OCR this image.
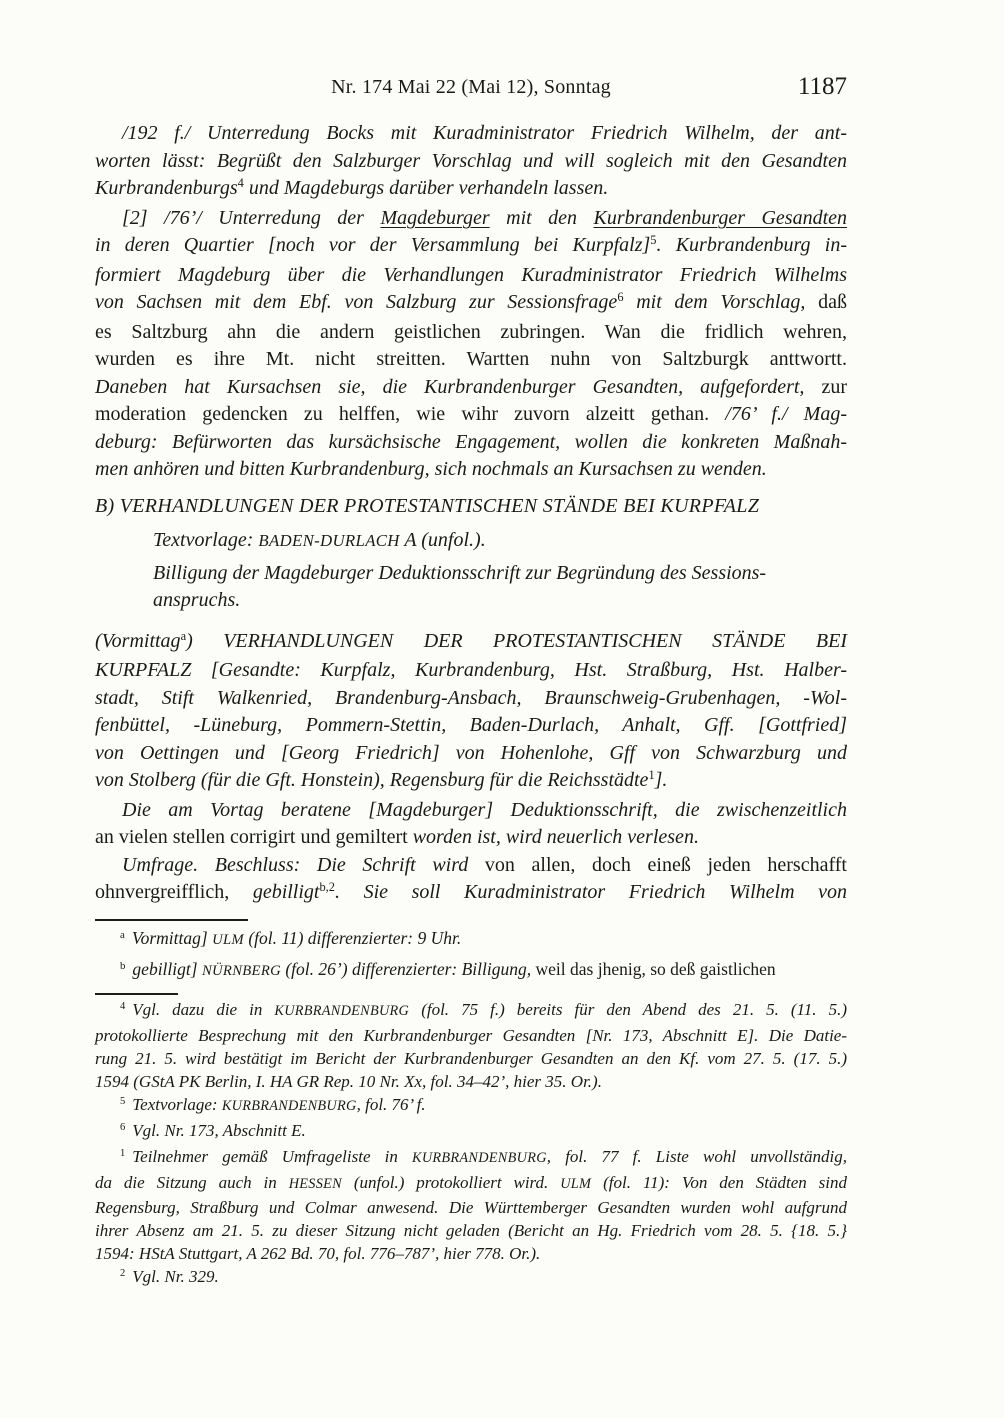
Nr. 174 Mai 22 (Mai 12), Sonntag	1187
/192 f./ Unterredung Bocks mit Kuradministrator Friedrich Wilhelm, der ant-
worten lässt: Begrüßt den Salzburger Vorschlag und will sogleich mit den Gesandten
Kurbrandenburgs$^4$ und Magdeburgs darüber verhandeln lassen.
[2] /76’/ Unterredung der Magdeburger mit den Kurbrandenburger Gesandten
in deren Quartier [noch vor der Versammlung bei Kurpfalz]$^5$. Kurbrandenburg in-
formiert Magdeburg über die Verhandlungen Kuradministrator Friedrich Wilhelms
von Sachsen mit dem Ebf. von Salzburg zur Sessionsfrage$^6$ mit dem Vorschlag, daß
es Saltzburg ahn die andern geistlichen zubringen. Wan die fridlich wehren,
wurden es ihre Mt. nicht streitten. Wartten nuhn von Saltzburgk anttwortt.
Daneben hat Kursachsen sie, die Kurbrandenburger Gesandten, aufgefordert, zur
moderation gedencken zu helffen, wie wihr zuvorn alzeitt gethan. /76’ f./ Mag-
deburg: Befürworten das kursächsische Engagement, wollen die konkreten Maßnah-
men anhören und bitten Kurbrandenburg, sich nochmals an Kursachsen zu wenden.
B) VERHANDLUNGEN DER PROTESTANTISCHEN STÄNDE BEI KURPFALZ
Textvorlage: BADEN-DURLACH A (unfol.).
Billigung der Magdeburger Deduktionsschrift zur Begründung des Sessions-
anspruchs.
(Vormittag$^a$) VERHANDLUNGEN DER PROTESTANTISCHEN STÄNDE BEI
KURPFALZ [Gesandte: Kurpfalz, Kurbrandenburg, Hst. Straßburg, Hst. Halber-
stadt, Stift Walkenried, Brandenburg-Ansbach, Braunschweig-Grubenhagen, -Wol-
fenbüttel, -Lüneburg, Pommern-Stettin, Baden-Durlach, Anhalt, Gff. [Gottfried]
von Oettingen und [Georg Friedrich] von Hohenlohe, Gff von Schwarzburg und
von Stolberg (für die Gft. Honstein), Regensburg für die Reichsstädte$^1$].
Die am Vortag beratene [Magdeburger] Deduktionsschrift, die zwischenzeitlich
an vielen stellen corrigirt und gemiltert worden ist, wird neuerlich verlesen.
Umfrage. Beschluss: Die Schrift wird von allen, doch eineß jeden herschafft
ohnvergreifflich, gebilligt$^{b,2}$. Sie soll Kuradministrator Friedrich Wilhelm von
$^a$ Vormittag] ULM (fol. 11) differenzierter: 9 Uhr.
$^b$ gebilligt] NÜRNBERG (fol. 26’) differenzierter: Billigung, weil das jhenig, so deß gaistlichen
$^4$ Vgl. dazu die in KURBRANDENBURG (fol. 75 f.) bereits für den Abend des 21. 5. (11. 5.)
protokollierte Besprechung mit den Kurbrandenburger Gesandten [Nr. 173, Abschnitt E]. Die Datie-
rung 21. 5. wird bestätigt im Bericht der Kurbrandenburger Gesandten an den Kf. vom 27. 5. (17. 5.)
1594 (GStA PK Berlin, I. HA GR Rep. 10 Nr. Xx, fol. 34–42’, hier 35. Or.).
$^5$ Textvorlage: KURBRANDENBURG, fol. 76’ f.
$^6$ Vgl. Nr. 173, Abschnitt E.
$^1$ Teilnehmer gemäß Umfrageliste in KURBRANDENBURG, fol. 77 f. Liste wohl unvollständig,
da die Sitzung auch in HESSEN (unfol.) protokolliert wird. ULM (fol. 11): Von den Städten sind
Regensburg, Straßburg und Colmar anwesend. Die Württemberger Gesandten wurden wohl aufgrund
ihrer Absenz am 21. 5. zu dieser Sitzung nicht geladen (Bericht an Hg. Friedrich vom 28. 5. {18. 5.}
1594: HStA Stuttgart, A 262 Bd. 70, fol. 776–787’, hier 778. Or.).
$^2$ Vgl. Nr. 329.
